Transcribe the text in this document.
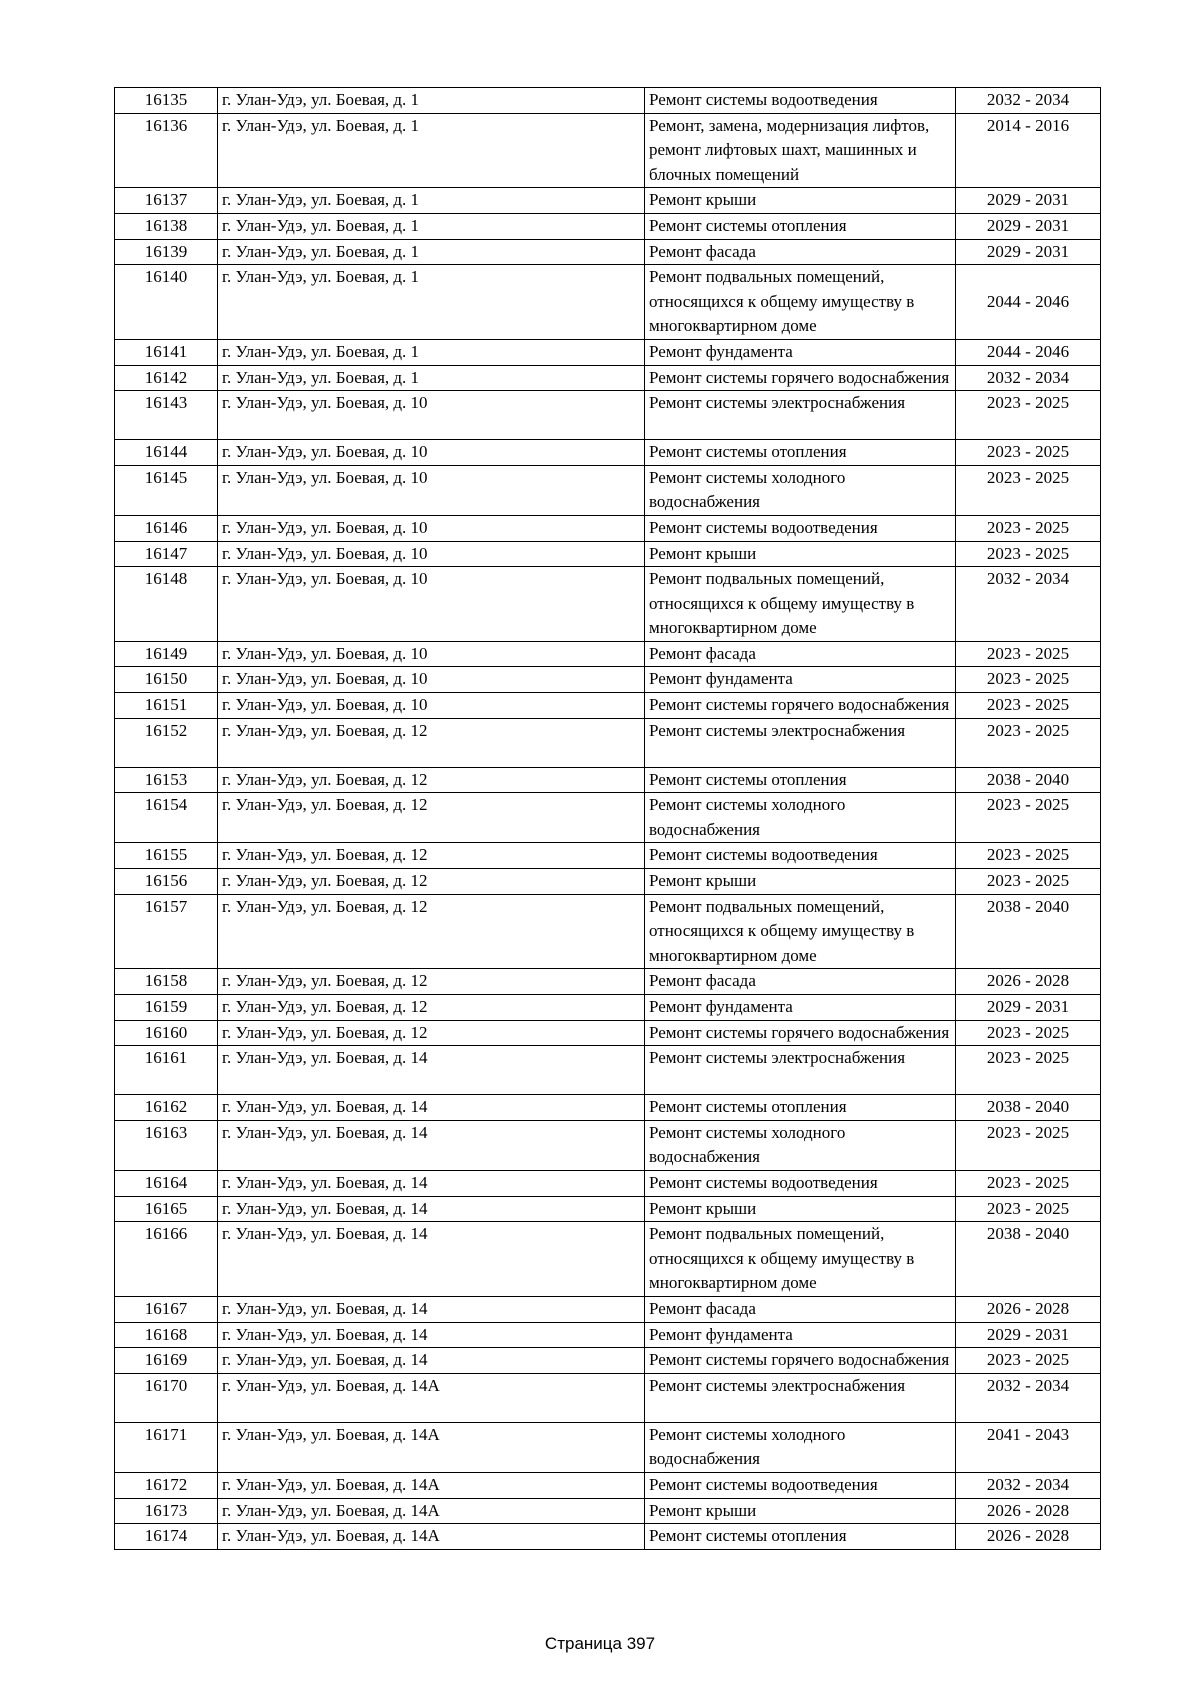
16135	г. Улан-Удэ, ул. Боевая, д. 1	Ремонт системы водоотведения	2032 - 2034
16136	г. Улан-Удэ, ул. Боевая, д. 1	Ремонт, замена, модернизация лифтов, ремонт лифтовых шахт, машинных и блочных помещений	2014 - 2016
16137	г. Улан-Удэ, ул. Боевая, д. 1	Ремонт крыши	2029 - 2031
16138	г. Улан-Удэ, ул. Боевая, д. 1	Ремонт системы отопления	2029 - 2031
16139	г. Улан-Удэ, ул. Боевая, д. 1	Ремонт фасада	2029 - 2031
16140	г. Улан-Удэ, ул. Боевая, д. 1	Ремонт подвальных помещений, относящихся к общему имуществу в многоквартирном доме	2044 - 2046
16141	г. Улан-Удэ, ул. Боевая, д. 1	Ремонт фундамента	2044 - 2046
16142	г. Улан-Удэ, ул. Боевая, д. 1	Ремонт системы горячего водоснабжения	2032 - 2034
16143	г. Улан-Удэ, ул. Боевая, д. 10	Ремонт системы электроснабжения	2023 - 2025
16144	г. Улан-Удэ, ул. Боевая, д. 10	Ремонт системы отопления	2023 - 2025
16145	г. Улан-Удэ, ул. Боевая, д. 10	Ремонт системы холодного водоснабжения	2023 - 2025
16146	г. Улан-Удэ, ул. Боевая, д. 10	Ремонт системы водоотведения	2023 - 2025
16147	г. Улан-Удэ, ул. Боевая, д. 10	Ремонт крыши	2023 - 2025
16148	г. Улан-Удэ, ул. Боевая, д. 10	Ремонт подвальных помещений, относящихся к общему имуществу в многоквартирном доме	2032 - 2034
16149	г. Улан-Удэ, ул. Боевая, д. 10	Ремонт фасада	2023 - 2025
16150	г. Улан-Удэ, ул. Боевая, д. 10	Ремонт фундамента	2023 - 2025
16151	г. Улан-Удэ, ул. Боевая, д. 10	Ремонт системы горячего водоснабжения	2023 - 2025
16152	г. Улан-Удэ, ул. Боевая, д. 12	Ремонт системы электроснабжения	2023 - 2025
16153	г. Улан-Удэ, ул. Боевая, д. 12	Ремонт системы отопления	2038 - 2040
16154	г. Улан-Удэ, ул. Боевая, д. 12	Ремонт системы холодного водоснабжения	2023 - 2025
16155	г. Улан-Удэ, ул. Боевая, д. 12	Ремонт системы водоотведения	2023 - 2025
16156	г. Улан-Удэ, ул. Боевая, д. 12	Ремонт крыши	2023 - 2025
16157	г. Улан-Удэ, ул. Боевая, д. 12	Ремонт подвальных помещений, относящихся к общему имуществу в многоквартирном доме	2038 - 2040
16158	г. Улан-Удэ, ул. Боевая, д. 12	Ремонт фасада	2026 - 2028
16159	г. Улан-Удэ, ул. Боевая, д. 12	Ремонт фундамента	2029 - 2031
16160	г. Улан-Удэ, ул. Боевая, д. 12	Ремонт системы горячего водоснабжения	2023 - 2025
16161	г. Улан-Удэ, ул. Боевая, д. 14	Ремонт системы электроснабжения	2023 - 2025
16162	г. Улан-Удэ, ул. Боевая, д. 14	Ремонт системы отопления	2038 - 2040
16163	г. Улан-Удэ, ул. Боевая, д. 14	Ремонт системы холодного водоснабжения	2023 - 2025
16164	г. Улан-Удэ, ул. Боевая, д. 14	Ремонт системы водоотведения	2023 - 2025
16165	г. Улан-Удэ, ул. Боевая, д. 14	Ремонт крыши	2023 - 2025
16166	г. Улан-Удэ, ул. Боевая, д. 14	Ремонт подвальных помещений, относящихся к общему имуществу в многоквартирном доме	2038 - 2040
16167	г. Улан-Удэ, ул. Боевая, д. 14	Ремонт фасада	2026 - 2028
16168	г. Улан-Удэ, ул. Боевая, д. 14	Ремонт фундамента	2029 - 2031
16169	г. Улан-Удэ, ул. Боевая, д. 14	Ремонт системы горячего водоснабжения	2023 - 2025
16170	г. Улан-Удэ, ул. Боевая, д. 14А	Ремонт системы электроснабжения	2032 - 2034
16171	г. Улан-Удэ, ул. Боевая, д. 14А	Ремонт системы холодного водоснабжения	2041 - 2043
16172	г. Улан-Удэ, ул. Боевая, д. 14А	Ремонт системы водоотведения	2032 - 2034
16173	г. Улан-Удэ, ул. Боевая, д. 14А	Ремонт крыши	2026 - 2028
16174	г. Улан-Удэ, ул. Боевая, д. 14А	Ремонт системы отопления	2026 - 2028
Страница 397
